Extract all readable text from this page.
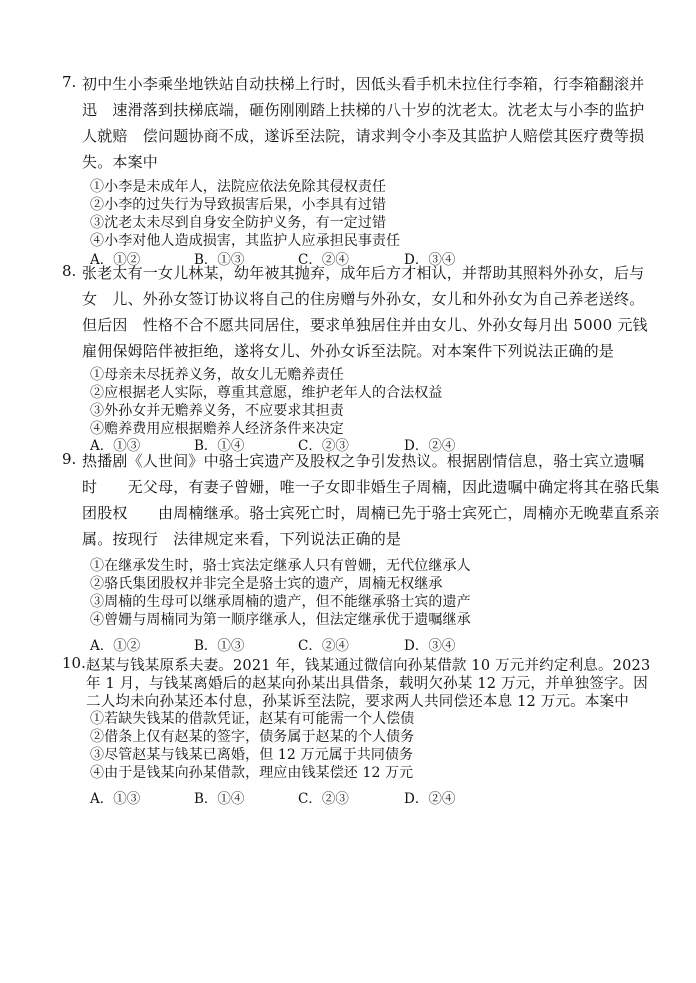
7. 初中生小李乘坐地铁站自动扶梯上行时，因低头看手机未拉住行李箱，行李箱翻滚并
迅　速滑落到扶梯底端，砸伤刚刚踏上扶梯的八十岁的沈老太。沈老太与小李的监护
人就赔　偿问题协商不成，遂诉至法院，请求判令小李及其监护人赔偿其医疗费等损
失。本案中
①小李是未成年人，法院应依法免除其侵权责任
②小李的过失行为导致损害后果，小李具有过错
③沈老太未尽到自身安全防护义务，有一定过错
④小李对他人造成损害，其监护人应承担民事责任
A．①②	B．①③	C．②④	D．③④
8. 张老太有一女儿林某，幼年被其抛弃，成年后方才相认，并帮助其照料外孙女，后与
女　儿、外孙女签订协议将自己的住房赠与外孙女，女儿和外孙女为自己养老送终。
但后因　性格不合不愿共同居住，要求单独居住并由女儿、外孙女每月出 5000 元钱
雇佣保姆陪伴被拒绝，遂将女儿、外孙女诉至法院。对本案件下列说法正确的是
①母亲未尽抚养义务，故女儿无赡养责任
②应根据老人实际，尊重其意愿，维护老年人的合法权益
③外孙女并无赡养义务，不应要求其担责
④赡养费用应根据赡养人经济条件来决定
A．①③	B．①④	C．②③	D．②④
9. 热播剧《人世间》中骆士宾遗产及股权之争引发热议。根据剧情信息，骆士宾立遗嘱
时　　无父母，有妻子曾姗，唯一子女即非婚生子周楠，因此遗嘱中确定将其在骆氏集
团股权　　由周楠继承。骆士宾死亡时，周楠已先于骆士宾死亡，周楠亦无晚辈直系亲
属。按现行　法律规定来看，下列说法正确的是
①在继承发生时，骆士宾法定继承人只有曾姗，无代位继承人
②骆氏集团股权并非完全是骆士宾的遗产，周楠无权继承
③周楠的生母可以继承周楠的遗产，但不能继承骆士宾的遗产
④曾姗与周楠同为第一顺序继承人，但法定继承优于遗嘱继承
A．①②	B．①③	C．②④	D．③④
10. 赵某与钱某原系夫妻。2021 年，钱某通过微信向孙某借款 10 万元并约定利息。2023
年 1 月，与钱某离婚后的赵某向孙某出具借条，载明欠孙某 12 万元，并单独签字。因
二人均未向孙某还本付息，孙某诉至法院，要求两人共同偿还本息 12 万元。本案中
①若缺失钱某的借款凭证，赵某有可能需一个人偿债
②借条上仅有赵某的签字，债务属于赵某的个人债务
③尽管赵某与钱某已离婚，但 12 万元属于共同债务
④由于是钱某向孙某借款，理应由钱某偿还 12 万元
A．①③	B．①④	C．②③	D．②④
